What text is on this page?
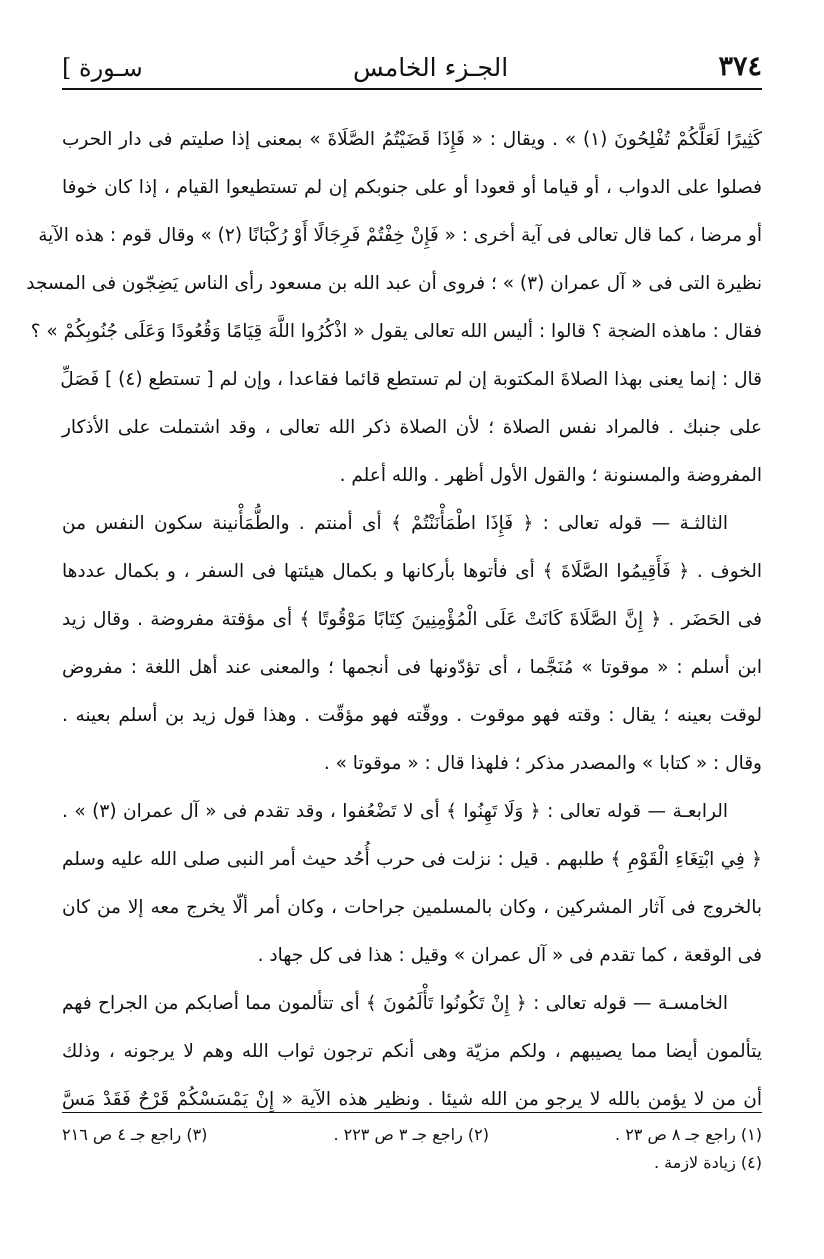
٣٧٤
الجـزء الخامس
سـورة ]
كَثِيرًا لَعَلَّكُمْ تُفْلِحُونَ (١) » . ويقال : « فَإِذَا قَضَيْتُمُ الصَّلَاةَ » بمعنى إذا صليتم فى دار الحرب
فصلوا على الدواب ، أو قياما أو قعودا أو على جنوبكم إن لم تستطيعوا القيام ، إذا كان خوفا
أو مرضا ، كما قال تعالى فى آية أخرى : « فَإِنْ خِفْتُمْ فَرِجَالًا أَوْ رُكْبَانًا (٢) » وقال قوم : هذه الآية
نظيرة التى فى « آل عمران (٣) » ؛ فروى أن عبد الله بن مسعود رأى الناس يَضِجّون فى المسجد
فقال : ماهذه الضجة ؟ قالوا : أليس الله تعالى يقول « اذْكُرُوا اللَّهَ قِيَامًا وَقُعُودًا وَعَلَى جُنُوبِكُمْ » ؟
قال : إنما يعنى بهذا الصلاةَ المكتوبة إن لم تستطع قائما فقاعدا ، وإن لم [ تستطع (٤) ] فَصَلِّ
على جنبك . فالمراد نفس الصلاة ؛ لأن الصلاة ذكر الله تعالى ، وقد اشتملت على الأذكار
المفروضة والمسنونة ؛ والقول الأول أظهر . والله أعلم .
الثالثـة — قوله تعالى : ﴿ فَإِذَا اطْمَأْنَنْتُمْ ﴾ أى أمنتم . والطُّمَأْنينة سكون النفس من
الخوف . ﴿ فَأَقِيمُوا الصَّلَاةَ ﴾ أى فأتوها بأركانها و بكمال هيئتها فى السفر ، و بكمال عددها
فى الحَضَر . ﴿ إِنَّ الصَّلَاةَ كَانَتْ عَلَى الْمُؤْمِنِينَ كِتَابًا مَوْقُوتًا ﴾ أى مؤقتة مفروضة . وقال زيد
ابن أسلم : « موقوتا » مُنَجَّما ، أى تؤدّونها فى أنجمها ؛ والمعنى عند أهل اللغة : مفروض
لوقت بعينه ؛ يقال : وقته فهو موقوت . ووقّته فهو مؤقّت . وهذا قول زيد بن أسلم بعينه .
وقال : « كتابا » والمصدر مذكر ؛ فلهذا قال : « موقوتا » .
الرابعـة — قوله تعالى : ﴿ وَلَا تَهِنُوا ﴾ أى لا تَضْعُفوا ، وقد تقدم فى « آل عمران (٣) » .
﴿ فِي ابْتِغَاءِ الْقَوْمِ ﴾ طلبهم . قيل : نزلت فى حرب أُحُد حيث أمر النبى صلى الله عليه وسلم
بالخروج فى آثار المشركين ، وكان بالمسلمين جراحات ، وكان أمر ألّا يخرج معه إلا من كان
فى الوقعة ، كما تقدم فى « آل عمران » وقيل : هذا فى كل جهاد .
الخامسـة — قوله تعالى : ﴿ إِنْ تَكُونُوا تَأْلَمُونَ ﴾ أى تتألمون مما أصابكم من الجراح فهم
يتألمون أيضا مما يصيبهم ، ولكم مزيّة وهى أنكم ترجون ثواب الله وهم لا يرجونه ، وذلك
أن من لا يؤمن بالله لا يرجو من الله شيئا . ونظير هذه الآية « إِنْ يَمْسَسْكُمْ قَرْحٌ فَقَدْ مَسَّ
(١) راجع جـ ٨ ص ٢٣ .
(٢) راجع جـ ٣ ص ٢٢٣ .
(٣) راجع جـ ٤ ص ٢١٦
(٤) زيادة لازمة .
